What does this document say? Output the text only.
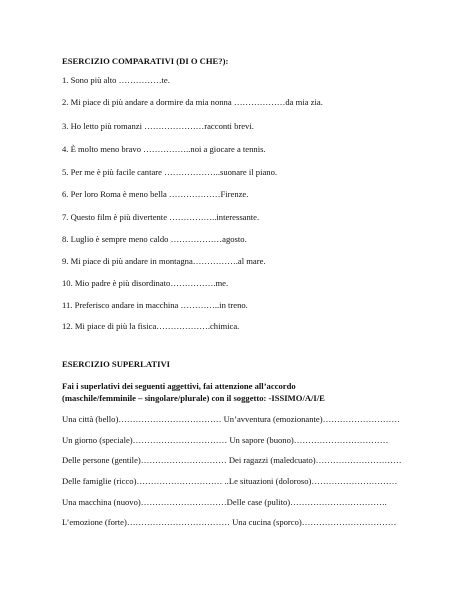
ESERCIZIO COMPARATIVI (DI O CHE?):
1. Sono più alto ……………te.
2. Mi piace di più andare a dormire da mia nonna ………………da mia zia.
3. Ho letto più romanzi …………………racconti brevi.
4. È molto meno bravo ……………..noi a giocare a tennis.
5. Per me è più facile cantare ………………..suonare il piano.
6. Per loro Roma è meno bella ………………Firenze.
7. Questo film è più divertente ……………..interessante.
8. Luglio è sempre meno caldo ………………agosto.
9. Mi piace di più andare in montagna…………….al mare.
10. Mio padre è più disordinato…………….me.
11. Preferisco andare in macchina …………..in treno.
12. Mi piace di più la fisica……………….chimica.
ESERCIZIO SUPERLATIVI
Fai i superlativi dei seguenti aggettivi, fai attenzione all’accordo
(maschile/femminile – singolare/plurale) con il soggetto: -ISSIMO/A/I/E
Una città (bello)……………………………… Un’avventura (emozionante)………………………
Un giorno (speciale)…………………………… Un sapore (buono)……………………………
Delle persone (gentile)………………………… Dei ragazzi (maledcuato)…………………………
Delle famiglie (ricco)………………………… ..Le situazioni (doloroso)…………………………
Una macchina (nuovo)…………………………Delle case (pulito)…………………………….
L’emozione (forte)……………………………… Una cucina (sporco)……………………………
